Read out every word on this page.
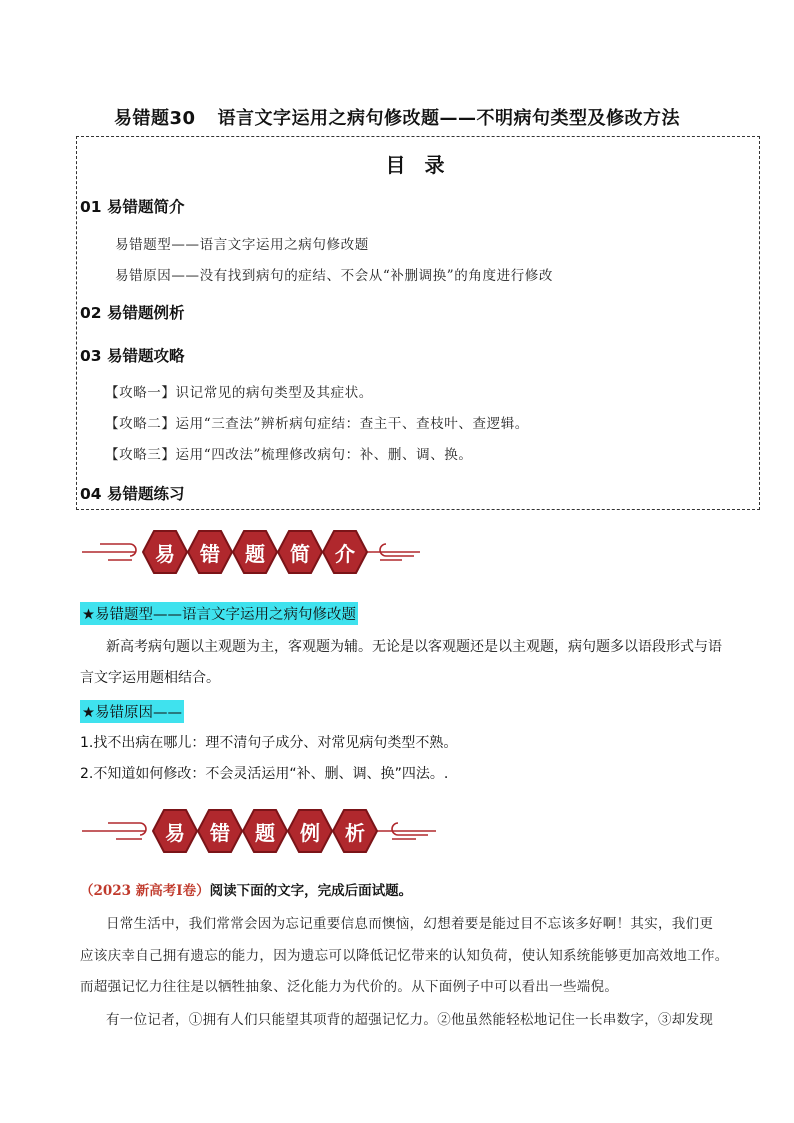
易错题30 语言文字运用之病句修改题——不明病句类型及修改方法
目 录
01 易错题简介
易错题型——语言文字运用之病句修改题
易错原因——没有找到病句的症结、不会从“补删调换”的角度进行修改
02 易错题例析
03 易错题攻略
【攻略一】识记常见的病句类型及其症状。
【攻略二】运用“三查法”辨析病句症结：查主干、查枝叶、查逻辑。
【攻略三】运用“四改法”梳理修改病句：补、删、调、换。
04 易错题练习
易 错 题 简 介
★易错题型——语言文字运用之病句修改题
新高考病句题以主观题为主，客观题为辅。无论是以客观题还是以主观题，病句题多以语段形式与语
言文字运用题相结合。
★易错原因——
1.找不出病在哪儿：理不清句子成分、对常见病句类型不熟。
2.不知道如何修改：不会灵活运用“补、删、调、换”四法。.
易 错 题 例 析
（2023 新高考Ⅰ卷）阅读下面的文字，完成后面试题。
日常生活中，我们常常会因为忘记重要信息而懊恼，幻想着要是能过目不忘该多好啊！其实，我们更
应该庆幸自己拥有遗忘的能力，因为遗忘可以降低记忆带来的认知负荷，使认知系统能够更加高效地工作。
而超强记忆力往往是以牺牲抽象、泛化能力为代价的。从下面例子中可以看出一些端倪。
有一位记者，①拥有人们只能望其项背的超强记忆力。②他虽然能轻松地记住一长串数字，③却发现
